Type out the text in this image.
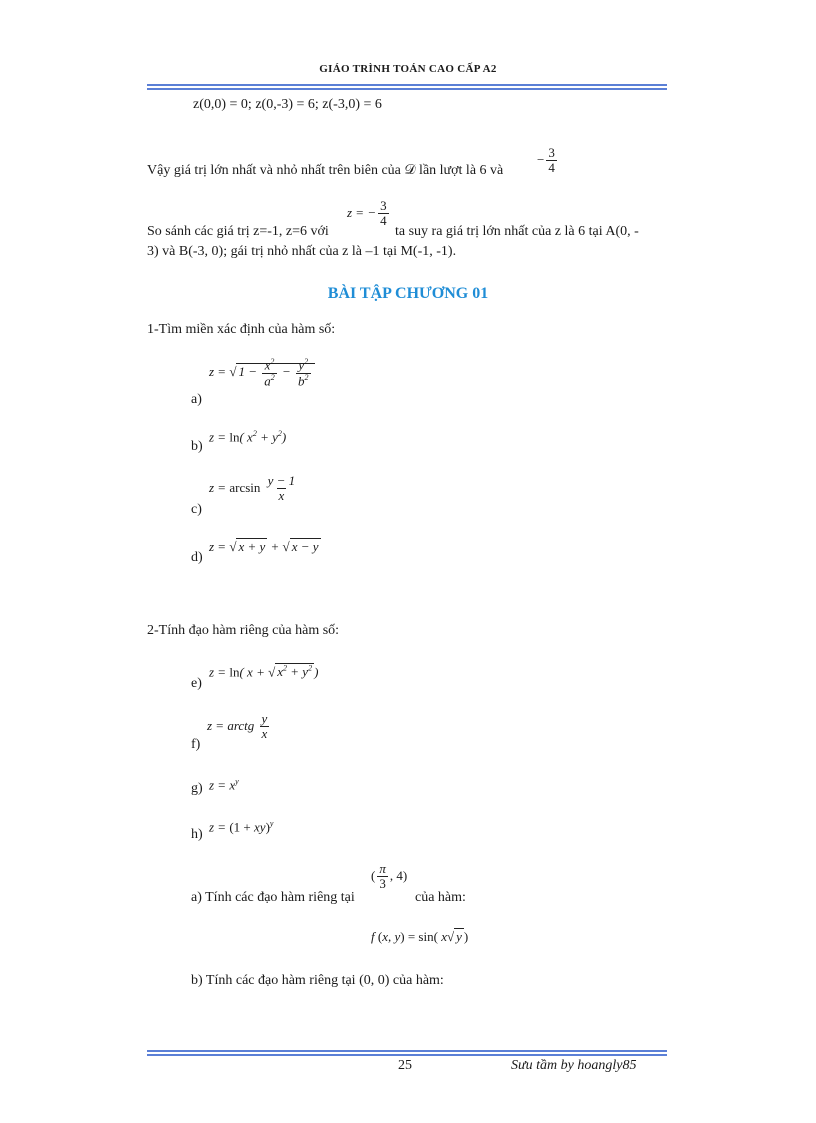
GIÁO TRÌNH TOÁN CAO CẤP A2
z(0,0) = 0; z(0,-3) = 6; z(-3,0) = 6
Vậy giá trị lớn nhất và nhỏ nhất trên biên của 𝒟 lần lượt là 6 và
− $\frac{3}{4}$
So sánh các giá trị z=-1, z=6 với
z = − $\frac{3}{4}$
ta suy ra giá trị lớn nhất của z là 6 tại A(0, -
3) và B(-3, 0); gái trị nhỏ nhất của z là –1 tại M(-1, -1).
BÀI TẬP CHƯƠNG 01
1-Tìm miền xác định của hàm số:
a)
z = √ $1 - \frac{x^2}{a^2} - \frac{y^2}{b^2}$
b)
z = ln( $x^2 + y^2$)
c)
$z = \arcsin \frac{y - 1}{x}$
d)
z = √ x + y + √ x − y
2-Tính đạo hàm riêng của hàm số:
e)
z = ln( x + √ $x^2 + y^2$ )
f)
z = arctg $\frac{y}{x}$
g) $z = x^y$
h)
z = (1 + xy)$^y$
a) Tính các đạo hàm riêng tại
( $\frac{\pi}{3}$ , 4)
của hàm:
f (x, y) = sin( x√ y )
b) Tính các đạo hàm riêng tại (0, 0) của hàm:
25	Sưu tầm by hoangly85
